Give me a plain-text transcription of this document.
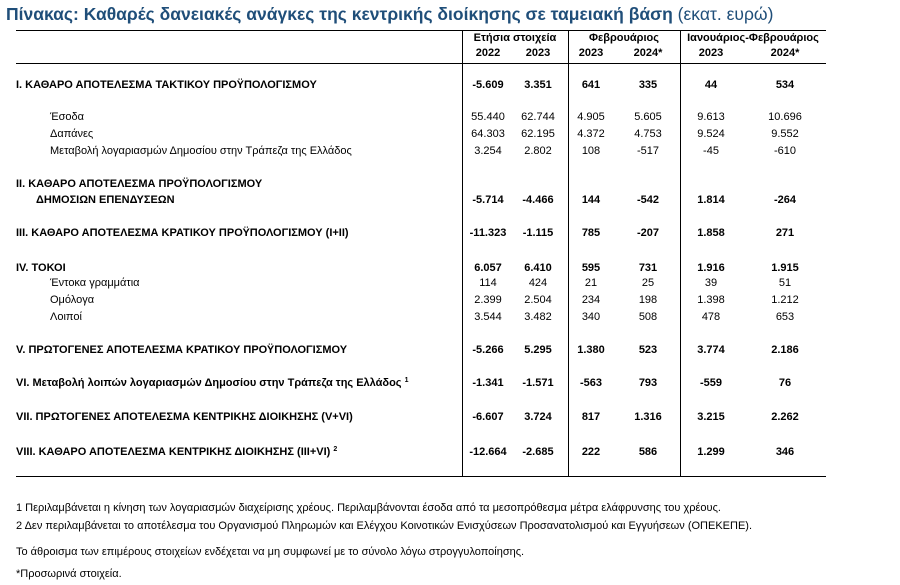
Πίνακας: Καθαρές δανειακές ανάγκες της κεντρικής διοίκησης σε ταμειακή βάση (εκατ. ευρώ)
Ετήσια στοιχεία	Φεβρουάριος	Ιανουάριος-Φεβρουάριος
2022	2023	2023	2024*	2023	2024*
I. ΚΑΘΑΡΟ ΑΠΟΤΕΛΕΣΜΑ ΤΑΚΤΙΚΟΥ ΠΡΟΫΠΟΛΟΓΙΣΜΟΥ	-5.609	3.351	641	335	44	534
Έσοδα	55.440	62.744	4.905	5.605	9.613	10.696
Δαπάνες	64.303	62.195	4.372	4.753	9.524	9.552
Μεταβολή λογαριασμών Δημοσίου στην Τράπεζα της Ελλάδος	3.254	2.802	108	-517	-45	-610
II. ΚΑΘΑΡΟ ΑΠΟΤΕΛΕΣΜΑ ΠΡΟΫΠΟΛΟΓΙΣΜΟΥ
ΔΗΜΟΣΙΩΝ ΕΠΕΝΔΥΣΕΩΝ	-5.714	-4.466	144	-542	1.814	-264
III. ΚΑΘΑΡΟ ΑΠΟΤΕΛΕΣΜΑ ΚΡΑΤΙΚΟΥ ΠΡΟΫΠΟΛΟΓΙΣΜΟΥ (I+II)	-11.323	-1.115	785	-207	1.858	271
IV. ΤΟΚΟΙ	6.057	6.410	595	731	1.916	1.915
Έντοκα γραμμάτια	114	424	21	25	39	51
Ομόλογα	2.399	2.504	234	198	1.398	1.212
Λοιποί	3.544	3.482	340	508	478	653
V. ΠΡΩΤΟΓΕΝΕΣ ΑΠΟΤΕΛΕΣΜΑ ΚΡΑΤΙΚΟΥ ΠΡΟΫΠΟΛΟΓΙΣΜΟΥ	-5.266	5.295	1.380	523	3.774	2.186
VI. Μεταβολή λοιπών λογαριασμών Δημοσίου στην Τράπεζα της Ελλάδος $^1$	-1.341	-1.571	-563	793	-559	76
VII. ΠΡΩΤΟΓΕΝΕΣ ΑΠΟΤΕΛΕΣΜΑ ΚΕΝΤΡΙΚΗΣ ΔΙΟΙΚΗΣΗΣ (V+VI)	-6.607	3.724	817	1.316	3.215	2.262
VIII. ΚΑΘΑΡΟ ΑΠΟΤΕΛΕΣΜΑ ΚΕΝΤΡΙΚΗΣ ΔΙΟΙΚΗΣΗΣ (III+VI) $^2$	-12.664	-2.685	222	586	1.299	346
1 Περιλαμβάνεται η κίνηση των λογαριασμών διαχείρισης χρέους. Περιλαμβάνονται έσοδα από τα μεσοπρόθεσμα μέτρα ελάφρυνσης του χρέους.
2 Δεν περιλαμβάνεται το αποτέλεσμα του Οργανισμού Πληρωμών και Ελέγχου Κοινοτικών Ενισχύσεων Προσανατολισμού και Εγγυήσεων (ΟΠΕΚΕΠΕ).
Το άθροισμα των επιμέρους στοιχείων ενδέχεται να μη συμφωνεί με το σύνολο λόγω στρογγυλοποίησης.
*Προσωρινά στοιχεία.
